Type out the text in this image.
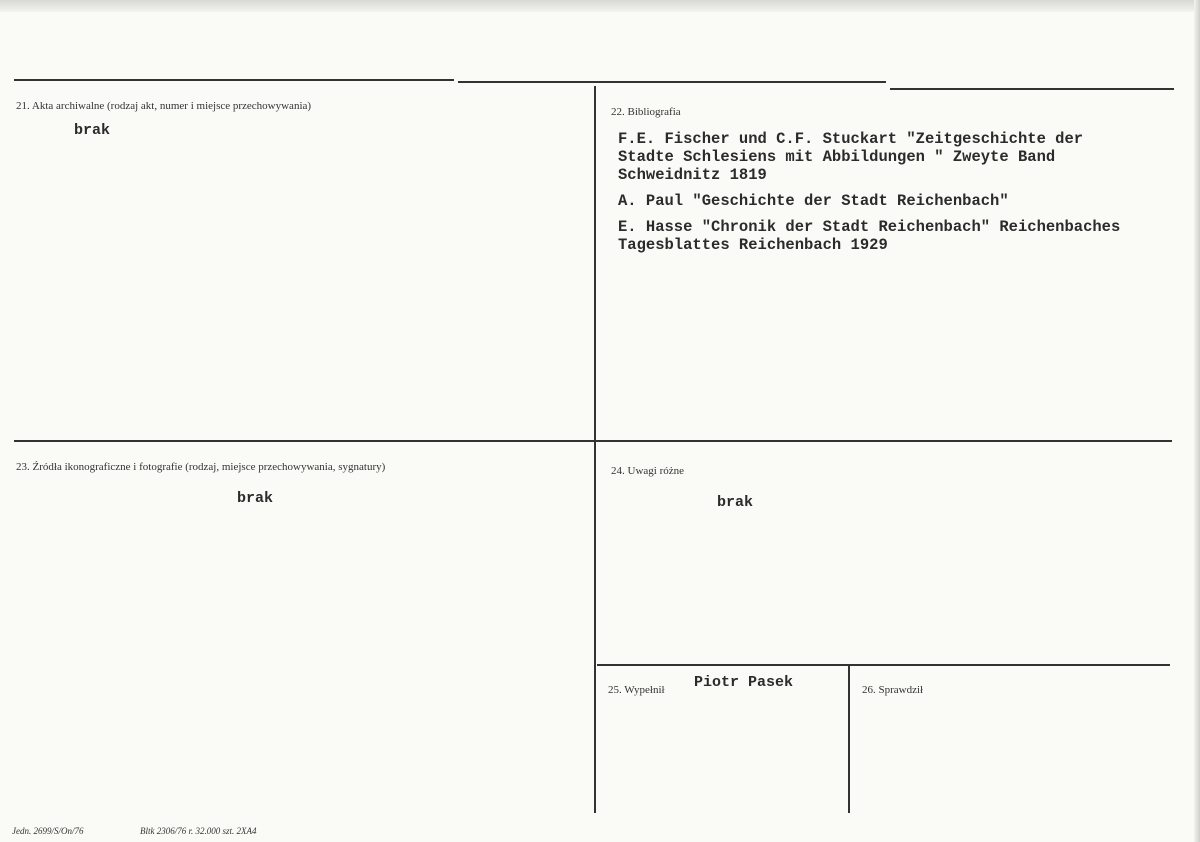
21. Akta archiwalne (rodzaj akt, numer i miejsce przechowywania)
brak
22. Bibliografia
F.E. Fischer und C.F. Stuckart "Zeitgeschichte der
Stadte Schlesiens mit Abbildungen " Zweyte Band
Schweidnitz 1819
A. Paul "Geschichte der Stadt Reichenbach"
E. Hasse "Chronik der Stadt Reichenbach" Reichenbaches
Tagesblattes Reichenbach 1929
23. Źródła ikonograficzne i fotografie (rodzaj, miejsce przechowywania, sygnatury)
brak
24. Uwagi różne
brak
25. Wypełnił Piotr Pasek	26. Sprawdził
Jedn. 2699/S/On/76	Bltk 2306/76 r. 32.000 szt. 2XA4
